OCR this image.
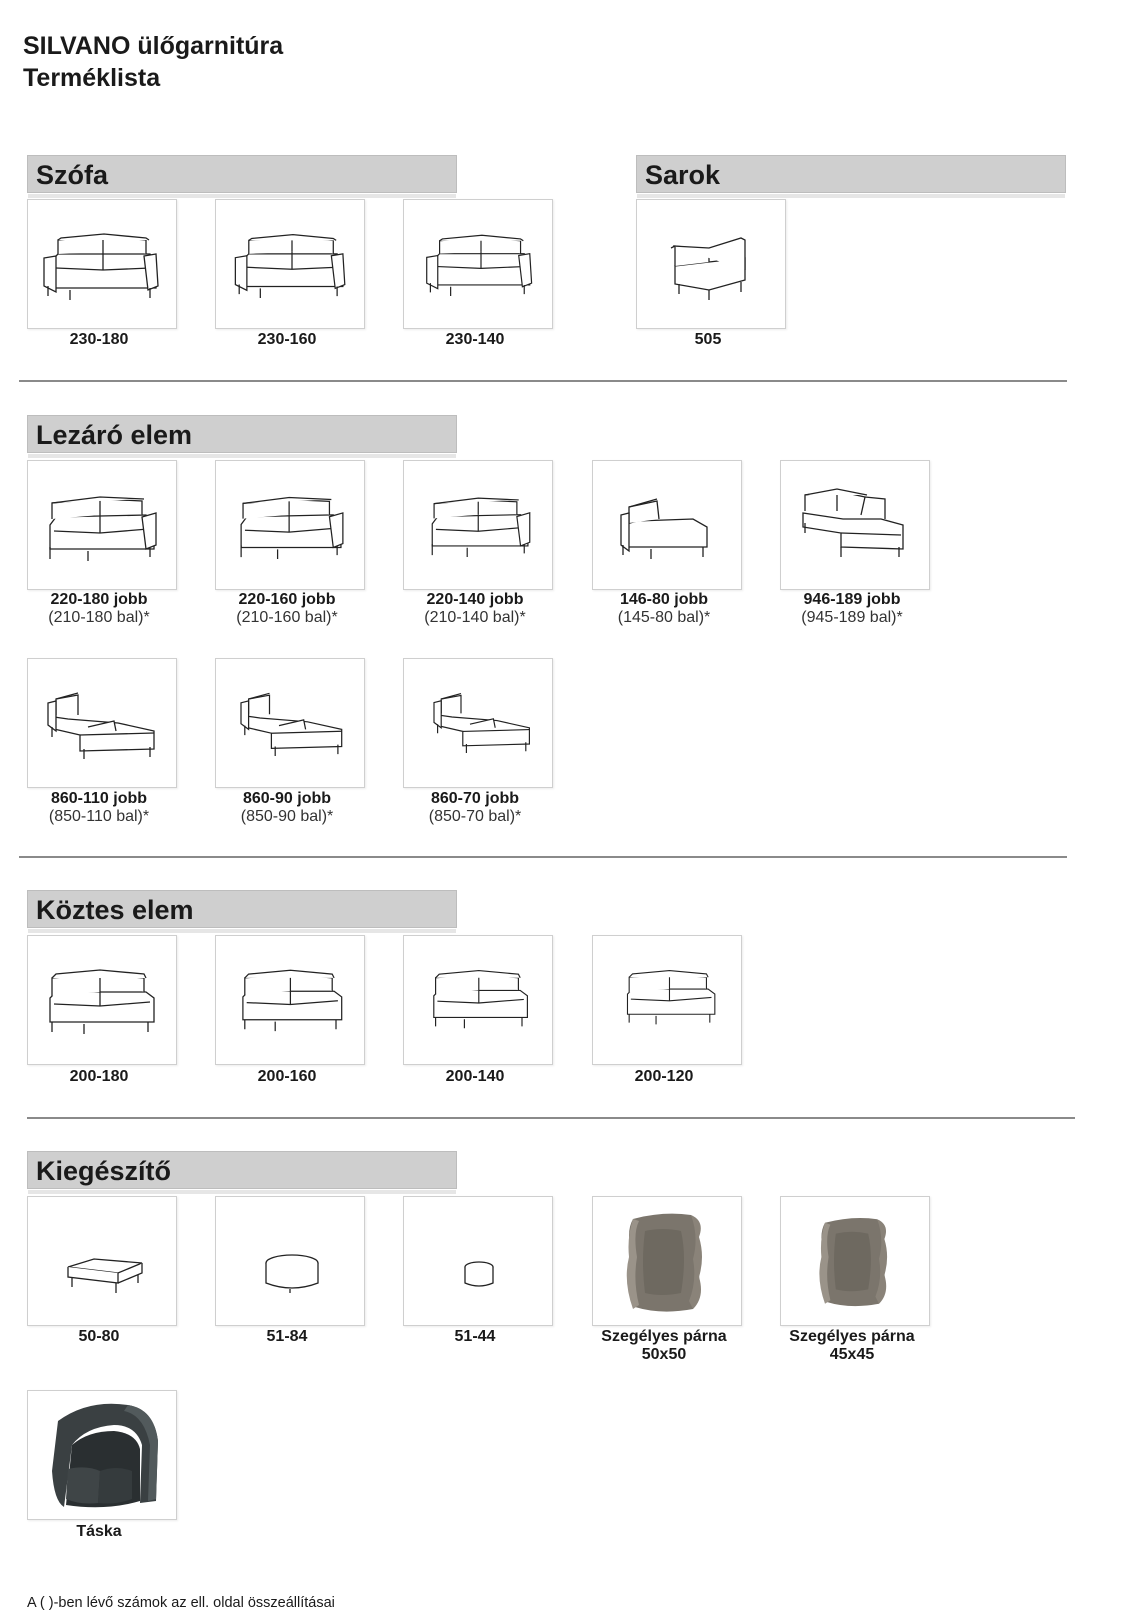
SILVANO ülőgarnitúra
Terméklista
Szófa	Sarok
230-180	230-160	230-140	505
Lezáró elem
220-180 jobb
(210-180 bal)*
220-160 jobb
(210-160 bal)*
220-140 jobb
(210-140 bal)*
146-80 jobb
(145-80 bal)*
946-189 jobb
(945-189 bal)*
860-110 jobb
(850-110 bal)*
860-90 jobb
(850-90 bal)*
860-70 jobb
(850-70 bal)*
Köztes elem
200-180	200-160	200-140	200-120
Kiegészítő
50-80	51-84	51-44	Szegélyes párna
50x50
Szegélyes párna
45x45
Táska
A ( )-ben lévő számok az ell. oldal összeállításai
